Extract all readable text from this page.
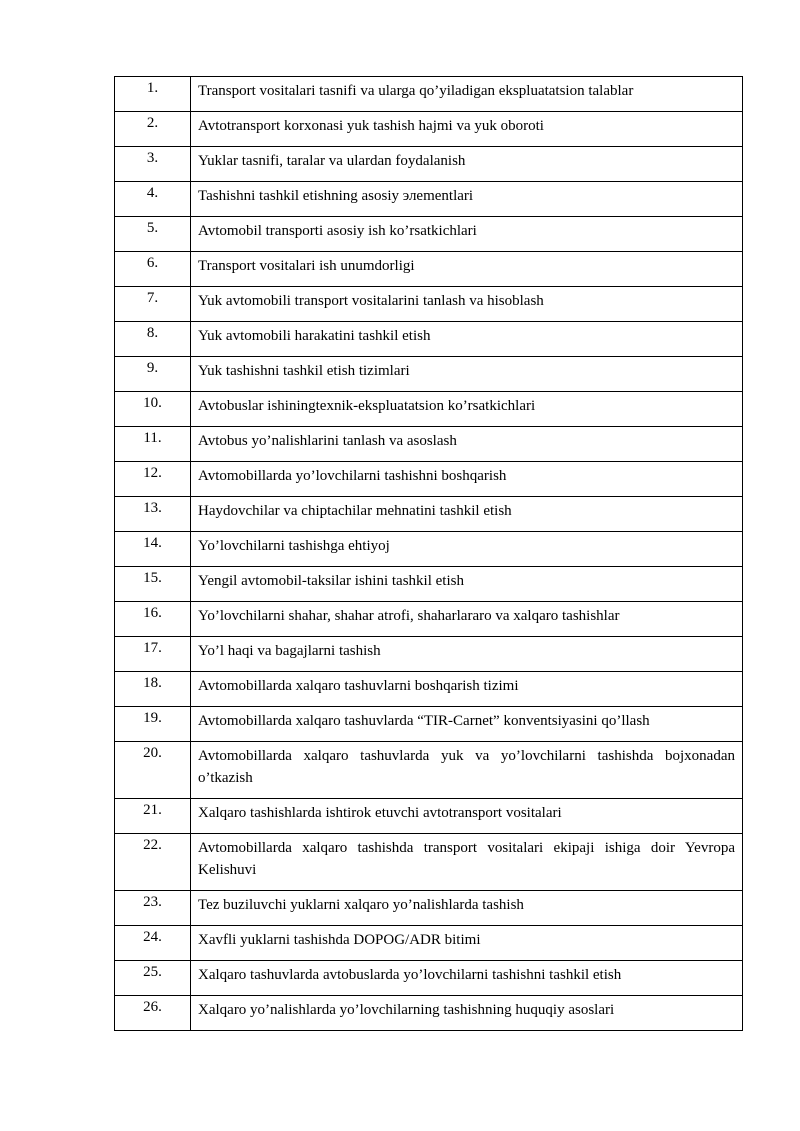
1.	Transport vositalari tasnifi va ularga qo’yiladigan ekspluatatsion talablar
2.	Avtotransport korxonasi yuk tashish hajmi va yuk oboroti
3.	Yuklar tasnifi, taralar va ulardan foydalanish
4.	Tashishni tashkil etishning asosiy элementlari
5.	Avtomobil transporti asosiy ish ko’rsatkichlari
6.	Transport vositalari ish unumdorligi
7.	Yuk avtomobili transport vositalarini tanlash va hisoblash
8.	Yuk avtomobili harakatini tashkil etish
9.	Yuk tashishni tashkil etish tizimlari
10.	Avtobuslar ishiningtexnik-ekspluatatsion ko’rsatkichlari
11.	Avtobus yo’nalishlarini tanlash va asoslash
12.	Avtomobillarda yo’lovchilarni tashishni boshqarish
13.	Haydovchilar va chiptachilar mehnatini tashkil etish
14.	Yo’lovchilarni tashishga ehtiyoj
15.	Yengil avtomobil-taksilar ishini tashkil etish
16.	Yo’lovchilarni shahar, shahar atrofi, shaharlararo va xalqaro tashishlar
17.	Yo’l haqi va bagajlarni tashish
18.	Avtomobillarda xalqaro tashuvlarni boshqarish tizimi
19.	Avtomobillarda xalqaro tashuvlarda “TIR-Carnet” konventsiyasini qo’llash
20.	Avtomobillarda xalqaro tashuvlarda yuk va yo’lovchilarni tashishda bojxonadan o’tkazish
21.	Xalqaro tashishlarda ishtirok etuvchi avtotransport vositalari
22.	Avtomobillarda xalqaro tashishda transport vositalari ekipaji ishiga doir Yevropa Kelishuvi
23.	Tez buziluvchi yuklarni xalqaro yo’nalishlarda tashish
24.	Xavfli yuklarni tashishda DOPOG/ADR bitimi
25.	Xalqaro tashuvlarda avtobuslarda yo’lovchilarni tashishni tashkil etish
26.	Xalqaro yo’nalishlarda yo’lovchilarning tashishning huquqiy asoslari
